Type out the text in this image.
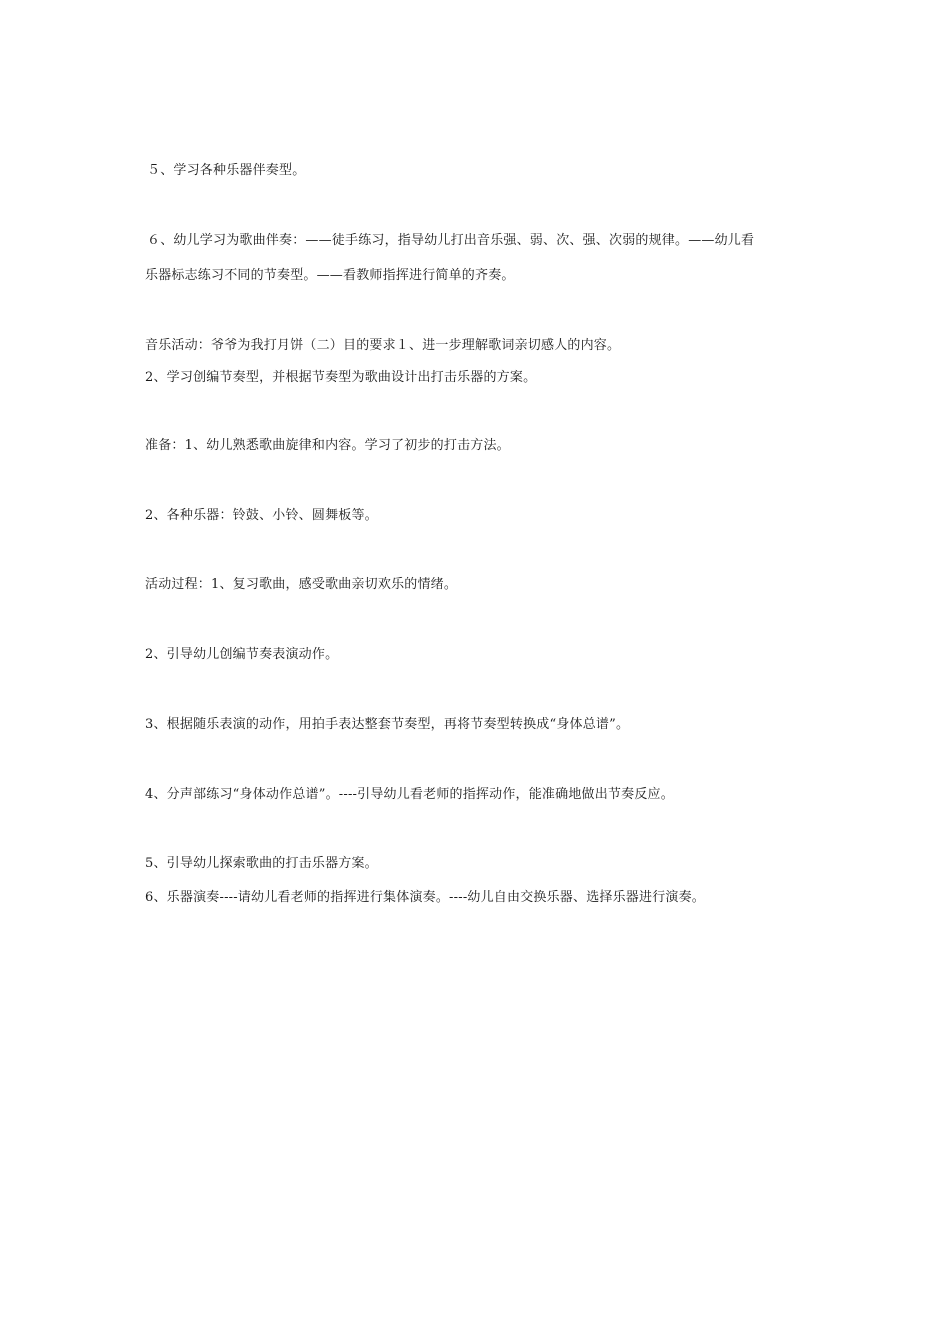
５、学习各种乐器伴奏型。
６、幼儿学习为歌曲伴奏：——徒手练习，指导幼儿打出音乐强、弱、次、强、次弱的规律。——幼儿看
乐器标志练习不同的节奏型。——看教师指挥进行简单的齐奏。
音乐活动：爷爷为我打月饼（二）目的要求１、进一步理解歌词亲切感人的内容。
2、学习创编节奏型，并根据节奏型为歌曲设计出打击乐器的方案。
准备：1、幼儿熟悉歌曲旋律和内容。学习了初步的打击方法。
2、各种乐器：铃鼓、小铃、圆舞板等。
活动过程：1、复习歌曲，感受歌曲亲切欢乐的情绪。
2、引导幼儿创编节奏表演动作。
3、根据随乐表演的动作，用拍手表达整套节奏型，再将节奏型转换成“身体总谱”。
4、分声部练习“身体动作总谱”。----引导幼儿看老师的指挥动作，能准确地做出节奏反应。
5、引导幼儿探索歌曲的打击乐器方案。
6、乐器演奏----请幼儿看老师的指挥进行集体演奏。----幼儿自由交换乐器、选择乐器进行演奏。
